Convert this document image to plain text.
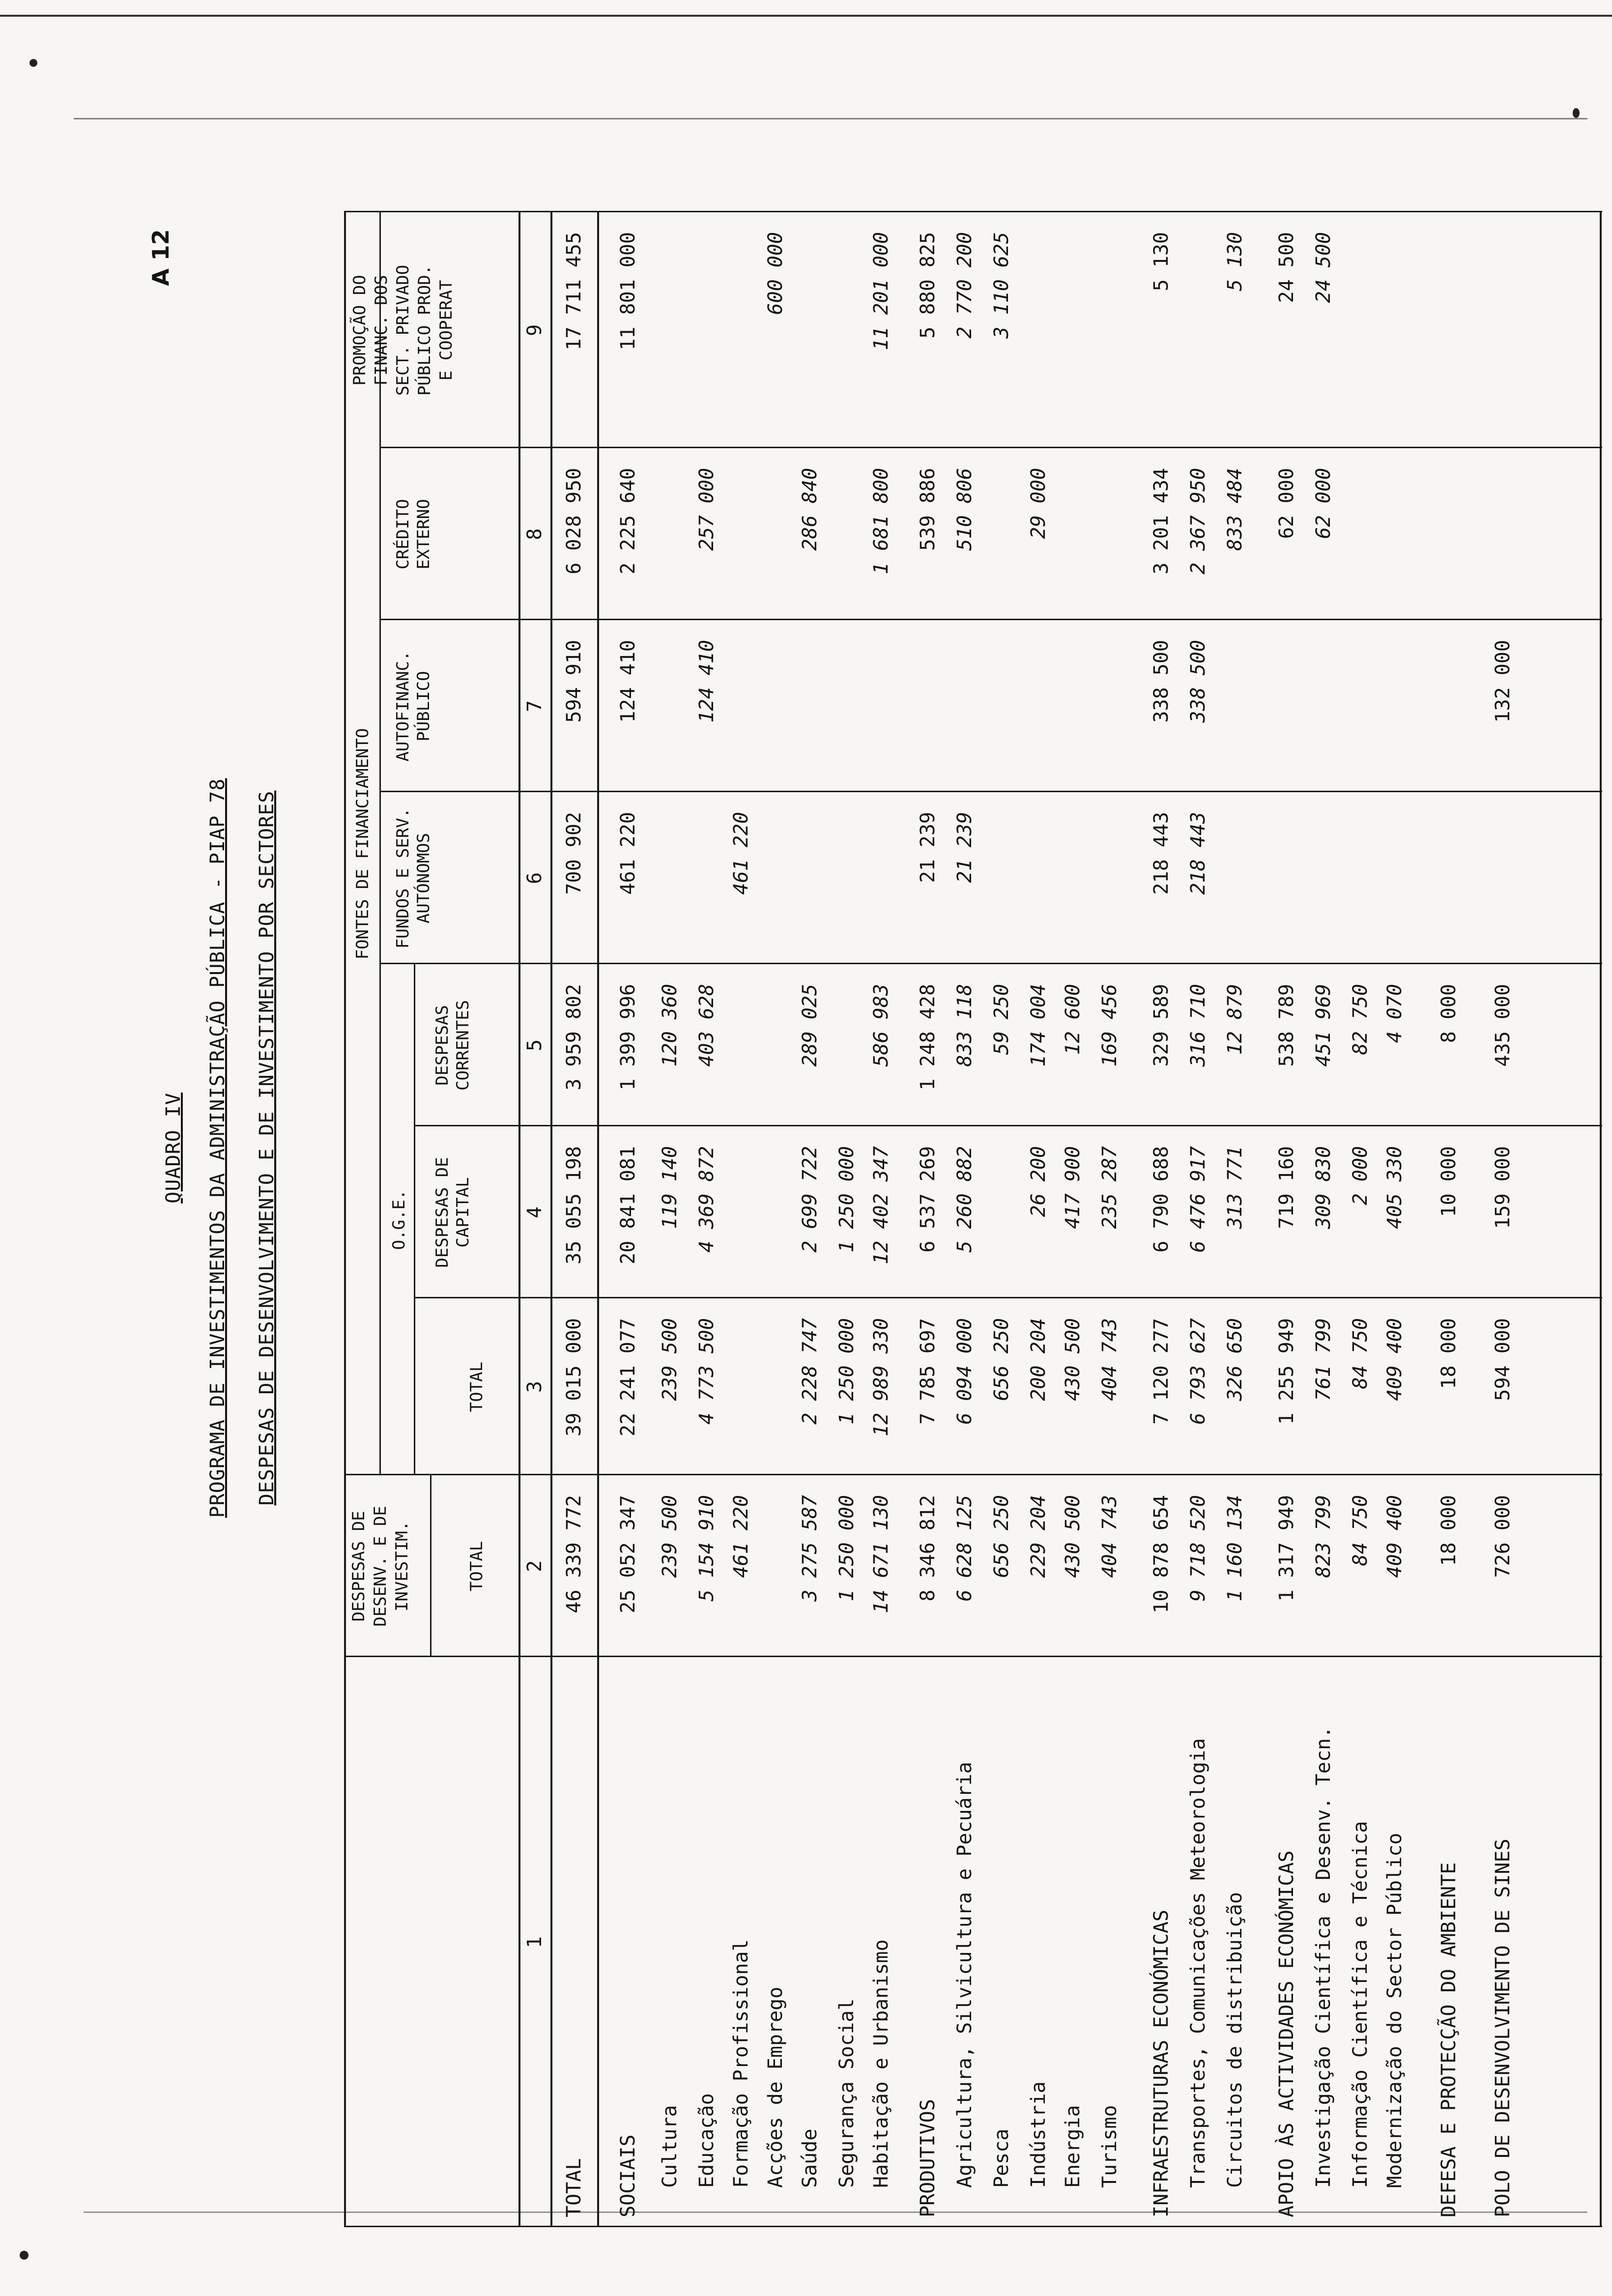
A 12
QUADRO IV PROGRAMA DE INVESTIMENTOS DA ADMINISTRAÇÃO PÚBLICA - PIAP 78 DESPESAS DE DESENVOLVIMENTO E DE INVESTIMENTO POR SECTORES	FONTES DE FINANCIAMENTO
DESPESAS DE DESENV. E DE INVESTIM.
O.G.E.
TOTAL
TOTAL
DESPESAS DE CAPITAL
DESPESAS CORRENTES
FUNDOS E SERV. AUTÓNOMOS
AUTOFINANC. PÚBLICO
CRÉDITO EXTERNO
PROMOÇÃO DO FINANC. DOS SECT. PRIVADO PÚBLICO PROD. E COOPERAT
1
2
3
4
5
6
7
8
9
TOTAL
46 339 772
39 015 000
35 055 198
3 959 802
700 902
594 910
6 028 950
17 711 455
SOCIAIS
25 052 347
22 241 077
20 841 081
1 399 996
461 220
124 410
2 225 640
11 801 000
Cultura
239 500
239 500
119 140
120 360
Educação
5 154 910
4 773 500
4 369 872
403 628
124 410
257 000
Formação Profissional
461 220
461 220
Acções de Emprego
600 000
Saúde
3 275 587
2 228 747
2 699 722
289 025
286 840
Segurança Social
1 250 000
1 250 000
1 250 000
Habitação e Urbanismo
14 671 130
12 989 330
12 402 347
586 983
1 681 800
11 201 000
PRODUTIVOS
8 346 812
7 785 697
6 537 269
1 248 428
21 239
539 886
5 880 825
Agricultura, Silvicultura e Pecuária
6 628 125
6 094 000
5 260 882
833 118
21 239
510 806
2 770 200
Pesca
656 250
656 250
59 250
3 110 625
Indústria
229 204
200 204
26 200
174 004
29 000
Energia
430 500
430 500
417 900
12 600
Turismo
404 743
404 743
235 287
169 456
INFRAESTRUTURAS ECONÓMICAS
10 878 654
7 120 277
6 790 688
329 589
218 443
338 500
3 201 434
5 130
Transportes, Comunicações Meteorologia
9 718 520
6 793 627
6 476 917
316 710
218 443
338 500
2 367 950
Circuitos de distribuição
1 160 134
326 650
313 771
12 879
833 484
5 130
APOIO ÀS ACTIVIDADES ECONÓMICAS
1 317 949
1 255 949
719 160
538 789
62 000
24 500
Investigação Científica e Desenv. Tecn.
823 799
761 799
309 830
451 969
62 000
24 500
Informação Científica e Técnica
84 750
84 750
2 000
82 750
Modernização do Sector Público
409 400
409 400
405 330
4 070
DEFESA E PROTECÇÃO DO AMBIENTE
18 000
18 000
10 000
8 000
POLO DE DESENVOLVIMENTO DE SINES
726 000
594 000
159 000
435 000
132 000
